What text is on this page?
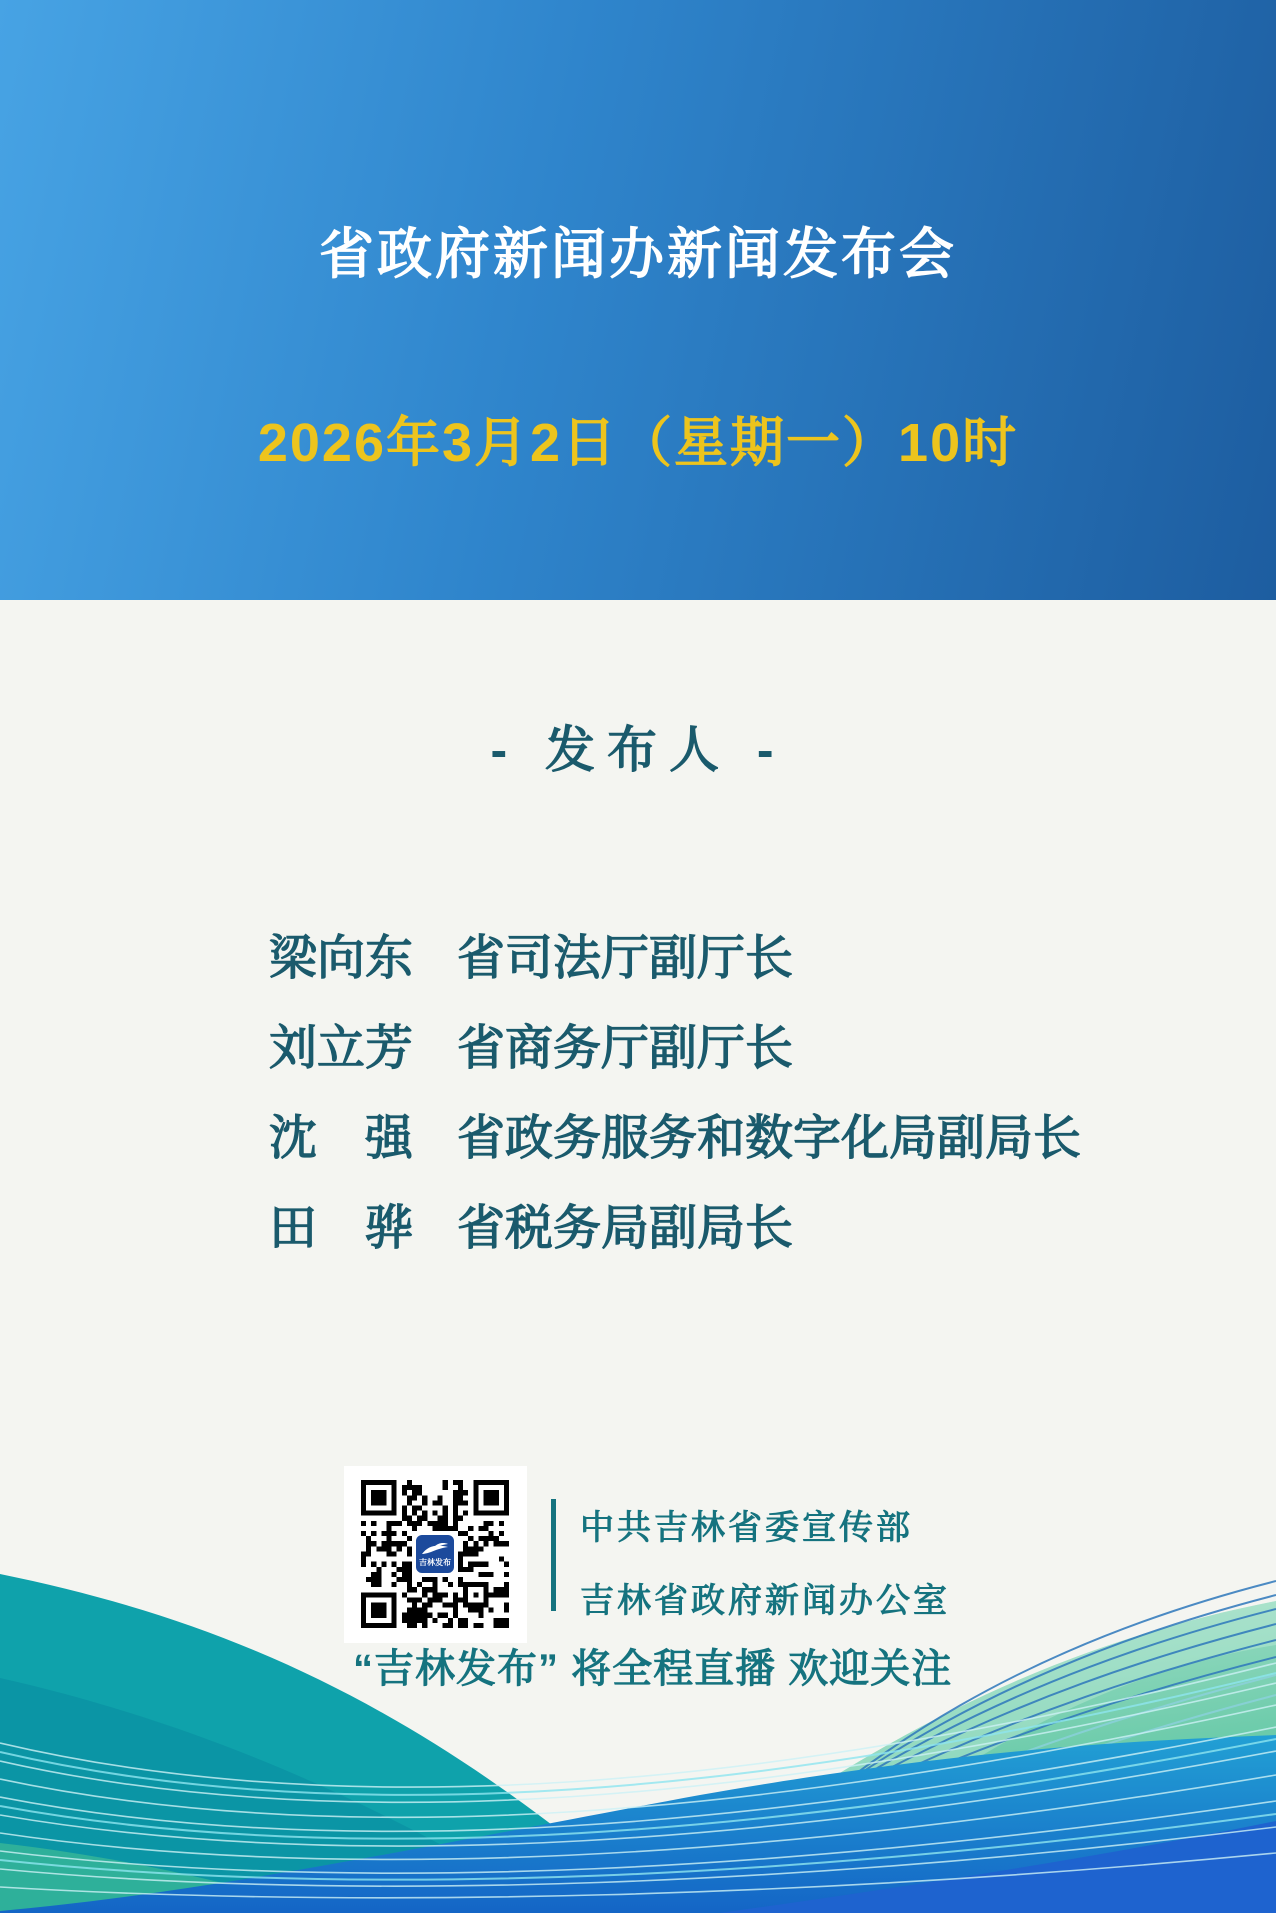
省政府新闻办新闻发布会
2026年3月2日（星期一）10时
- 发布人 -
梁向东 省司法厅副厅长
刘立芳 省商务厅副厅长
沈　强 省政务服务和数字化局副局长
田　骅 省税务局副局长
吉林发布
中共吉林省委宣传部
吉林省政府新闻办公室
“吉林发布” 将全程直播 欢迎关注
